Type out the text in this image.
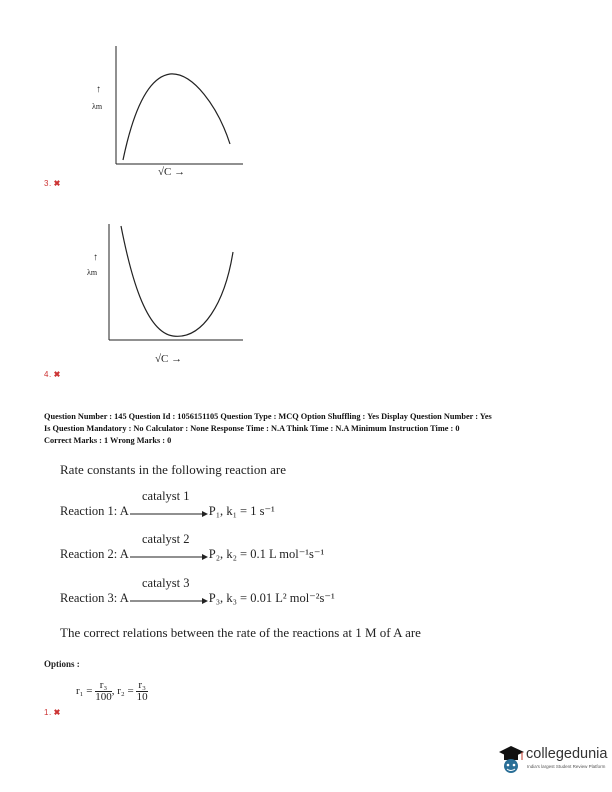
↑
λm
√C →
3. ✖
↑
λm
√C →
4. ✖
Question Number : 145 Question Id : 1056151105 Question Type : MCQ Option Shuffling : Yes Display Question Number : Yes
Is Question Mandatory : No Calculator : None Response Time : N.A Think Time : N.A Minimum Instruction Time : 0
Correct Marks : 1 Wrong Marks : 0
Rate constants in the following reaction are
Reaction 1: A
catalyst 1
P₁, k₁ = 1 s⁻¹
Reaction 2: A
catalyst 2
P₂, k₂ = 0.1 L mol⁻¹s⁻¹
Reaction 3: A
catalyst 3
P₃, k₃ = 0.01 L² mol⁻²s⁻¹
The correct relations between the rate of the reactions at 1 M of A are
Options :
$r_1 = \frac{\text{r₃}}{100}$ , $r_2 = \frac{\text{r₃}}{10}$
1. ✖
collegedunia
India's largest Student Review Platform
